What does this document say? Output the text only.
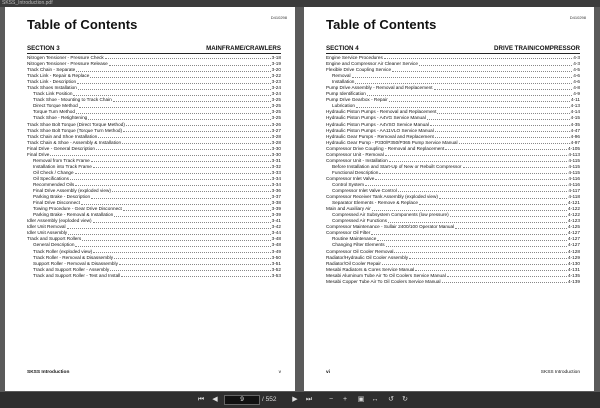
SKSS_Introduction.pdf
D410298
Table of Contents
SECTION 3	MAINFRAME/CRAWLERS
Nitrogen Tensioner - Pressure Check	3-18
Nitrogen Tensioner - Pressure Release	3-19
Track Chain - Separate	3-20
Track Link - Repair & Replace	3-22
Track Link - Description	3-23
Track Shoes Installation	3-24
Track Link Position	3-24
Track Shoe - Mounting to Track Chain	3-25
Direct Torque Method	3-25
Torque Turn Method	3-25
Track Shoe - Retightening	3-25
Track Shoe Bolt Torque (Direct Torque Method)	3-26
Track Shoe Bolt Torque (Torque Turn Method)	3-27
Track Chain and Shoe Installation	3-28
Track Chain & Shoe - Assembly & Installation	3-28
Final Drive - General Description	3-30
Final Drive	3-30
Removal from Track Frame	3-31
Installation into Track Frame	3-32
Oil Check / Change	3-33
Oil Specifications	3-34
Recommended Oils	3-34
Final Drive Assembly (exploded view)	3-36
Parking Brake - Description	3-37
Final Drive Disconnect	3-38
Towing Procedure - Gear Drive Disconnect	3-39
Parking Brake - Removal & Installation	3-39
Idler Assembly (exploded view)	3-41
Idler Unit Removal	3-42
Idler Unit Assembly	3-44
Track and Support Rollers	3-48
General Description	3-48
Track Roller (exploded view)	3-49
Track Roller - Removal & Disassembly	3-50
Support Roller - Removal & Disassembly	3-51
Track and Support Roller - Assembly	3-52
Track and Support Roller - Test and Install	3-53
SKSS Introduction	v
D410298
Table of Contents
SECTION 4	DRIVE TRAIN/COMPRESSOR
Engine Service Procedures	4-3
Engine and Compressor Air Cleaner Service	4-3
Flexible Drive Coupling Service	4-5
Removal	4-6
Installation	4-6
Pump Drive Assembly - Removal and Replacement	4-8
Pump Identification	4-9
Pump Drive Gearbox - Repair	4-11
Lubrication	4-13
Hydraulic Piston Pumps - Removal and Replacement	4-14
Hydraulic Piston Pumps - A4VG Service Manual	4-15
Hydraulic Piston Pumps - A4VSO Service Manual	4-35
Hydraulic Piston Pumps - AA11VLO Service Manual	4-47
Hydraulic Gear Pumps - Removal and Replacement	4-96
Hydraulic Gear Pump - P330/P350/P365 Pump Service Manual	4-97
Compressor Drive Coupling - Removal and Replacement	4-105
Compressor Unit - Removal	4-113
Compressor Unit - Installation	4-115
Before Installation and Start-Up of New or Rebuilt Compressor	4-115
Functional Description	4-115
Compressor Inlet Valve	4-116
Control System	4-116
Compressor Inlet Valve Control	4-117
Compressor Receiver Tank Assembly (exploded view)	4-118
Separator Elements - Remove & Replace	4-121
Main and Auxiliary Air	4-122
Compressed Air Subsystem Components (low pressure)	4-122
Compressed Air Functions	4-123
Compressor Maintenance - Sullair 2400/100 Operator Manual	4-125
Compressor Oil Filter	4-127
Routine Maintenance	4-127
Changing Filter Elements	4-127
Compressor Oil Cooler Removal	4-128
Radiator/Hydraulic Oil Cooler Assembly	4-129
Radiator/Oil Cooler Repair	4-130
Mesabi Radiators & Cores Service Manual	4-131
Mesabi Aluminum Tube Air To Oil Coolers Service Manual	4-135
Mesabi Copper Tube Air To Oil Coolers Service Manual	4-139
vi	SKSS Introduction
⏮	◀	9	/ 552	▶	⏭	−	+	▣ ↔ ↺ ↻
